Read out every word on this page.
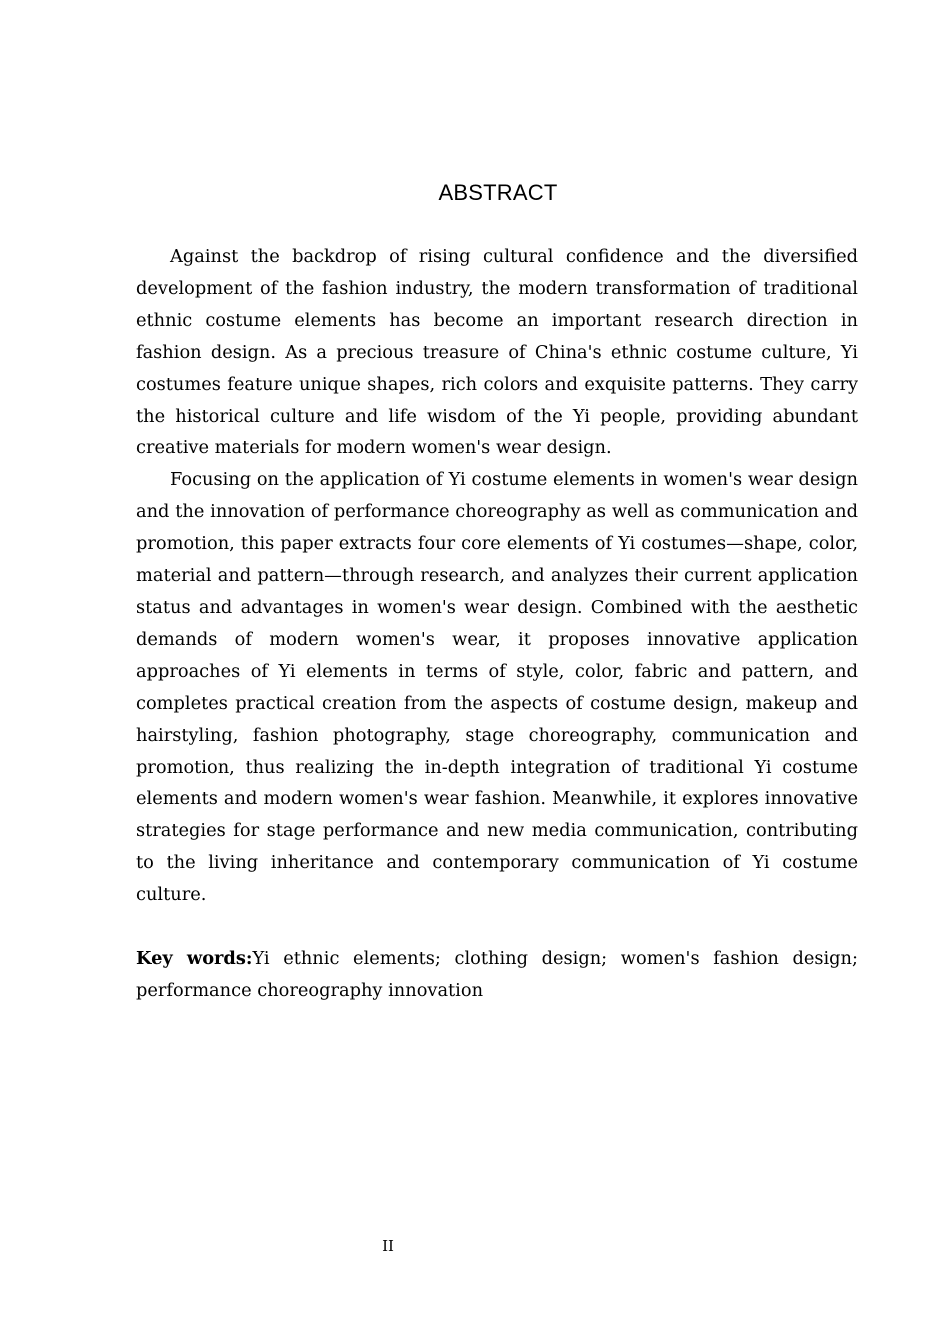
ABSTRACT

Against the backdrop of rising cultural confidence and the diversified development of the fashion industry, the modern transformation of traditional ethnic costume elements has become an important research direction in fashion design. As a precious treasure of China's ethnic costume culture, Yi costumes feature unique shapes, rich colors and exquisite patterns. They carry the historical culture and life wisdom of the Yi people, providing abundant creative materials for modern women's wear design.

Focusing on the application of Yi costume elements in women's wear design and the innovation of performance choreography as well as communication and promotion, this paper extracts four core elements of Yi costumes—shape, color, material and pattern—through research, and analyzes their current application status and advantages in women's wear design. Combined with the aesthetic demands of modern women's wear, it proposes innovative application approaches of Yi elements in terms of style, color, fabric and pattern, and completes practical creation from the aspects of costume design, makeup and hairstyling, fashion photography, stage choreography, communication and promotion, thus realizing the in-depth integration of traditional Yi costume elements and modern women's wear fashion. Meanwhile, it explores innovative strategies for stage performance and new media communication, contributing to the living inheritance and contemporary communication of Yi costume culture.

Key words:Yi ethnic elements; clothing design; women's fashion design; performance choreography innovation

II
